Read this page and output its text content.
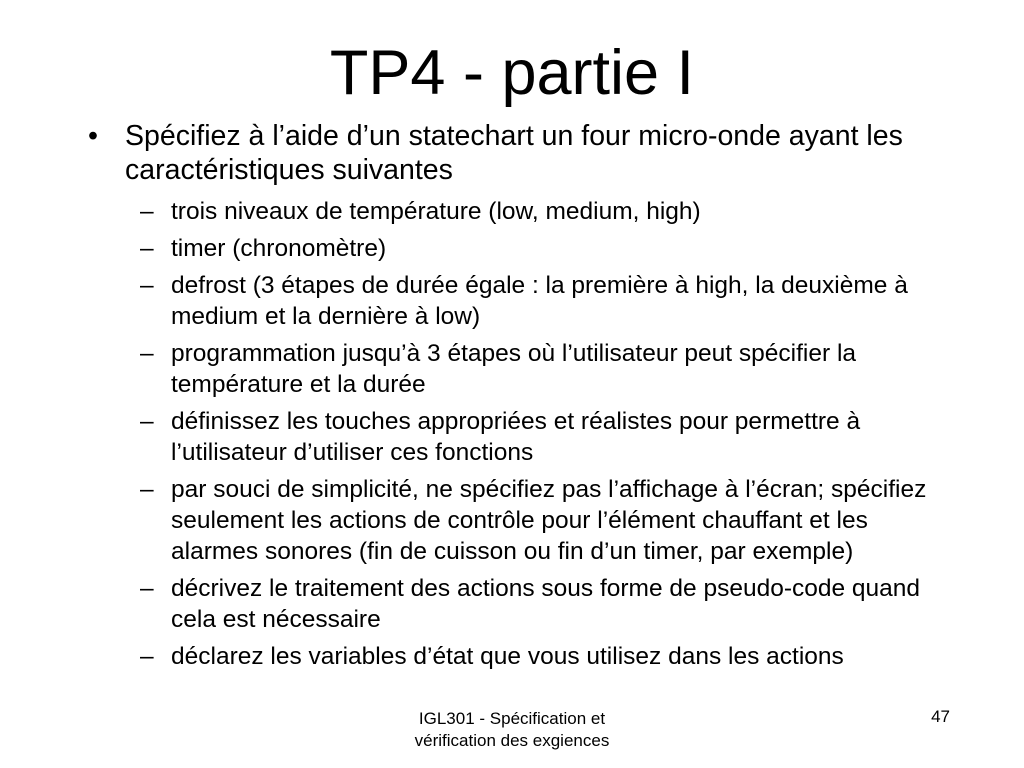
TP4 - partie I
• Spécifiez à l’aide d’un statechart un four micro-onde ayant les caractéristiques suivantes
– trois niveaux de température (low, medium, high)
– timer (chronomètre)
– defrost (3 étapes de durée égale : la première à high, la deuxième à medium et la dernière à low)
– programmation jusqu’à 3 étapes où l’utilisateur peut spécifier la température et la durée
– définissez les touches appropriées et réalistes pour permettre à l’utilisateur d’utiliser ces fonctions
– par souci de simplicité, ne spécifiez pas l’affichage à l’écran; spécifiez seulement les actions de contrôle pour l’élément chauffant et les alarmes sonores (fin de cuisson ou fin d’un timer, par exemple)
– décrivez le traitement des actions sous forme de pseudo-code quand cela est nécessaire
– déclarez les variables d’état que vous utilisez dans les actions
IGL301 - Spécification et
vérification des exgiences
47
